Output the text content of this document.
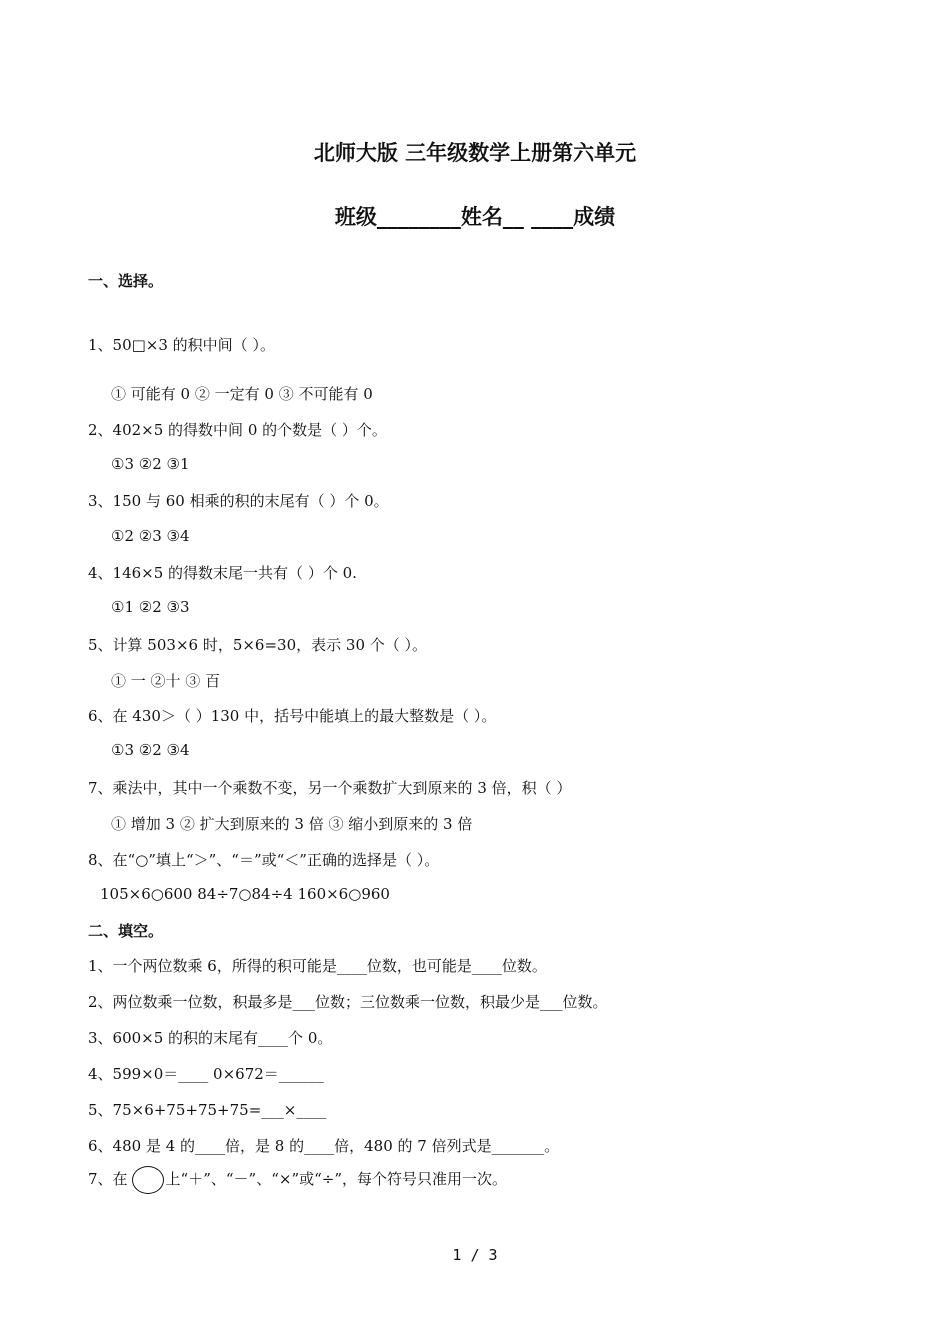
北师大版 三年级数学上册第六单元
班级________姓名__ ____成绩
一、选择。
1、50□×3 的积中间（ ）。
① 可能有 0 ② 一定有 0 ③ 不可能有 0
2、402×5 的得数中间 0 的个数是（ ）个。
①3 ②2 ③1
3、150 与 60 相乘的积的末尾有（ ）个 0。
①2 ②3 ③4
4、146×5 的得数末尾一共有（ ）个 0.
①1 ②2 ③3
5、计算 503×6 时，5×6=30，表示 30 个（ ）。
① 一 ②十 ③ 百
6、在 430＞（ ）130 中，括号中能填上的最大整数是（ ）。
①3 ②2 ③4
7、乘法中，其中一个乘数不变，另一个乘数扩大到原来的 3 倍，积（ ）
① 增加 3 ② 扩大到原来的 3 倍 ③ 缩小到原来的 3 倍
8、在“○”填上“＞”、“＝”或“＜”正确的选择是（ ）。
105×6○600 84÷7○84÷4 160×6○960
二、填空。
1、一个两位数乘 6，所得的积可能是____位数，也可能是____位数。
2、两位数乘一位数，积最多是___位数；三位数乘一位数，积最少是___位数。
3、600×5 的积的末尾有____个 0。
4、599×0＝____ 0×672＝______
5、75×6+75+75+75=___×____
6、480 是 4 的____倍，是 8 的____倍，480 的 7 倍列式是_______。
7、在	上“＋”、“－”、“×”或“÷”，每个符号只准用一次。
1 / 3
